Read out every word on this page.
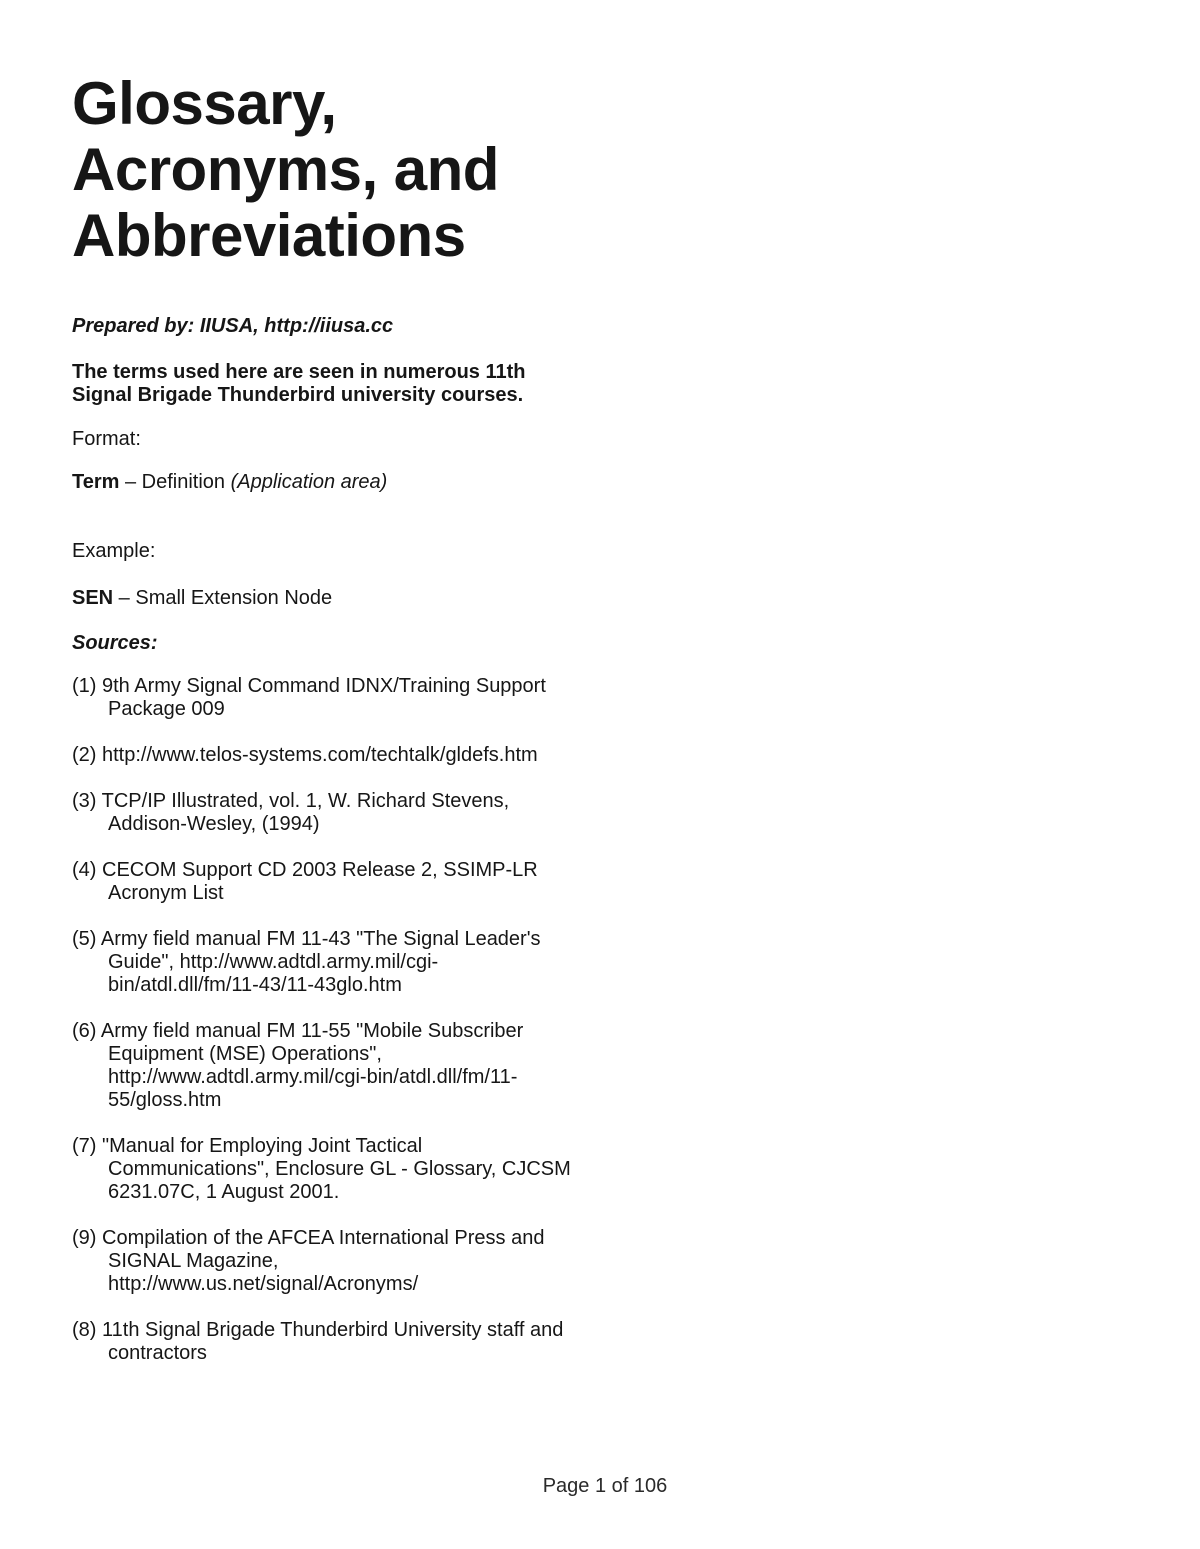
Glossary, Acronyms, and Abbreviations

Prepared by: IIUSA, http://iiusa.cc

The terms used here are seen in numerous 11th
Signal Brigade Thunderbird university courses.

Format:

Term – Definition (Application area)

Example:

SEN – Small Extension Node

Sources:

(1) 9th Army Signal Command IDNX/Training Support
Package 009

(2) http://www.telos-systems.com/techtalk/gldefs.htm

(3) TCP/IP Illustrated, vol. 1, W. Richard Stevens,
Addison-Wesley, (1994)

(4) CECOM Support CD 2003 Release 2, SSIMP-LR
Acronym List

(5) Army field manual FM 11-43 "The Signal Leader's
Guide", http://www.adtdl.army.mil/cgi-
bin/atdl.dll/fm/11-43/11-43glo.htm

(6) Army field manual FM 11-55 "Mobile Subscriber
Equipment (MSE) Operations",
http://www.adtdl.army.mil/cgi-bin/atdl.dll/fm/11-
55/gloss.htm

(7) "Manual for Employing Joint Tactical
Communications", Enclosure GL - Glossary, CJCSM
6231.07C, 1 August 2001.

(9) Compilation of the AFCEA International Press and
SIGNAL Magazine,
http://www.us.net/signal/Acronyms/

(8) 11th Signal Brigade Thunderbird University staff and
contractors

Page 1 of 106
